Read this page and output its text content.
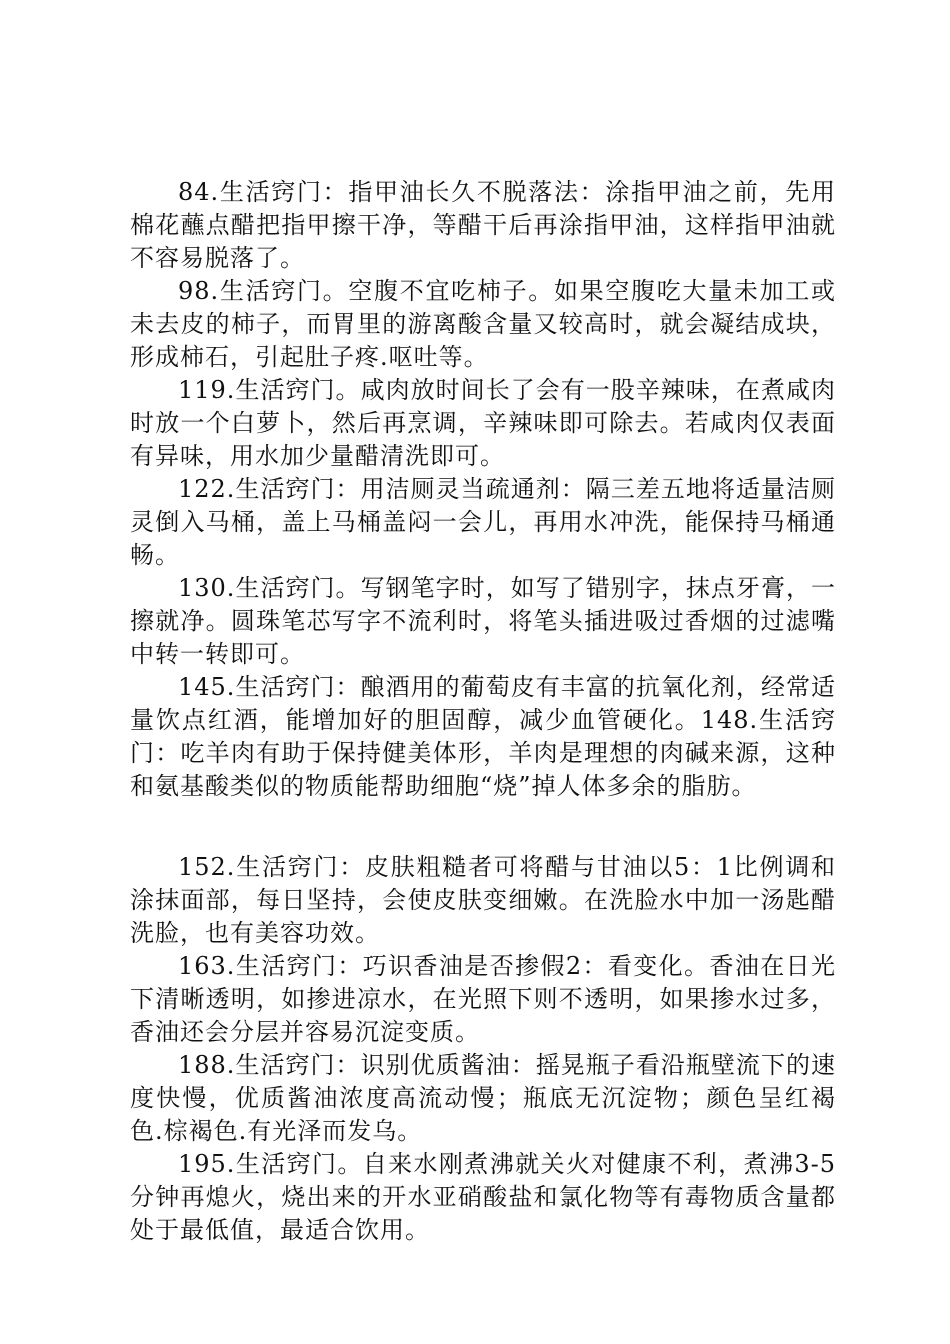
84.生活窍门：指甲油长久不脱落法：涂指甲油之前，先用棉花蘸点醋把指甲擦干净，等醋干后再涂指甲油，这样指甲油就不容易脱落了。

98.生活窍门。空腹不宜吃柿子。如果空腹吃大量未加工或未去皮的柿子，而胃里的游离酸含量又较高时，就会凝结成块，形成柿石，引起肚子疼.呕吐等。

119.生活窍门。咸肉放时间长了会有一股辛辣味，在煮咸肉时放一个白萝卜，然后再烹调，辛辣味即可除去。若咸肉仅表面有异味，用水加少量醋清洗即可。

122.生活窍门：用洁厕灵当疏通剂：隔三差五地将适量洁厕灵倒入马桶，盖上马桶盖闷一会儿，再用水冲洗，能保持马桶通畅。

130.生活窍门。写钢笔字时，如写了错别字，抹点牙膏，一擦就净。圆珠笔芯写字不流利时，将笔头插进吸过香烟的过滤嘴中转一转即可。

145.生活窍门：酿酒用的葡萄皮有丰富的抗氧化剂，经常适量饮点红酒，能增加好的胆固醇，减少血管硬化。148.生活窍门：吃羊肉有助于保持健美体形，羊肉是理想的肉碱来源，这种和氨基酸类似的物质能帮助细胞“烧”掉人体多余的脂肪。

152.生活窍门：皮肤粗糙者可将醋与甘油以5：1比例调和涂抹面部，每日坚持，会使皮肤变细嫩。在洗脸水中加一汤匙醋洗脸，也有美容功效。

163.生活窍门：巧识香油是否掺假2：看变化。香油在日光下清晰透明，如掺进凉水，在光照下则不透明，如果掺水过多，香油还会分层并容易沉淀变质。

188.生活窍门：识别优质酱油：摇晃瓶子看沿瓶壁流下的速度快慢，优质酱油浓度高流动慢；瓶底无沉淀物；颜色呈红褐色.棕褐色.有光泽而发乌。

195.生活窍门。自来水刚煮沸就关火对健康不利，煮沸3-5分钟再熄火，烧出来的开水亚硝酸盐和氯化物等有毒物质含量都处于最低值，最适合饮用。
